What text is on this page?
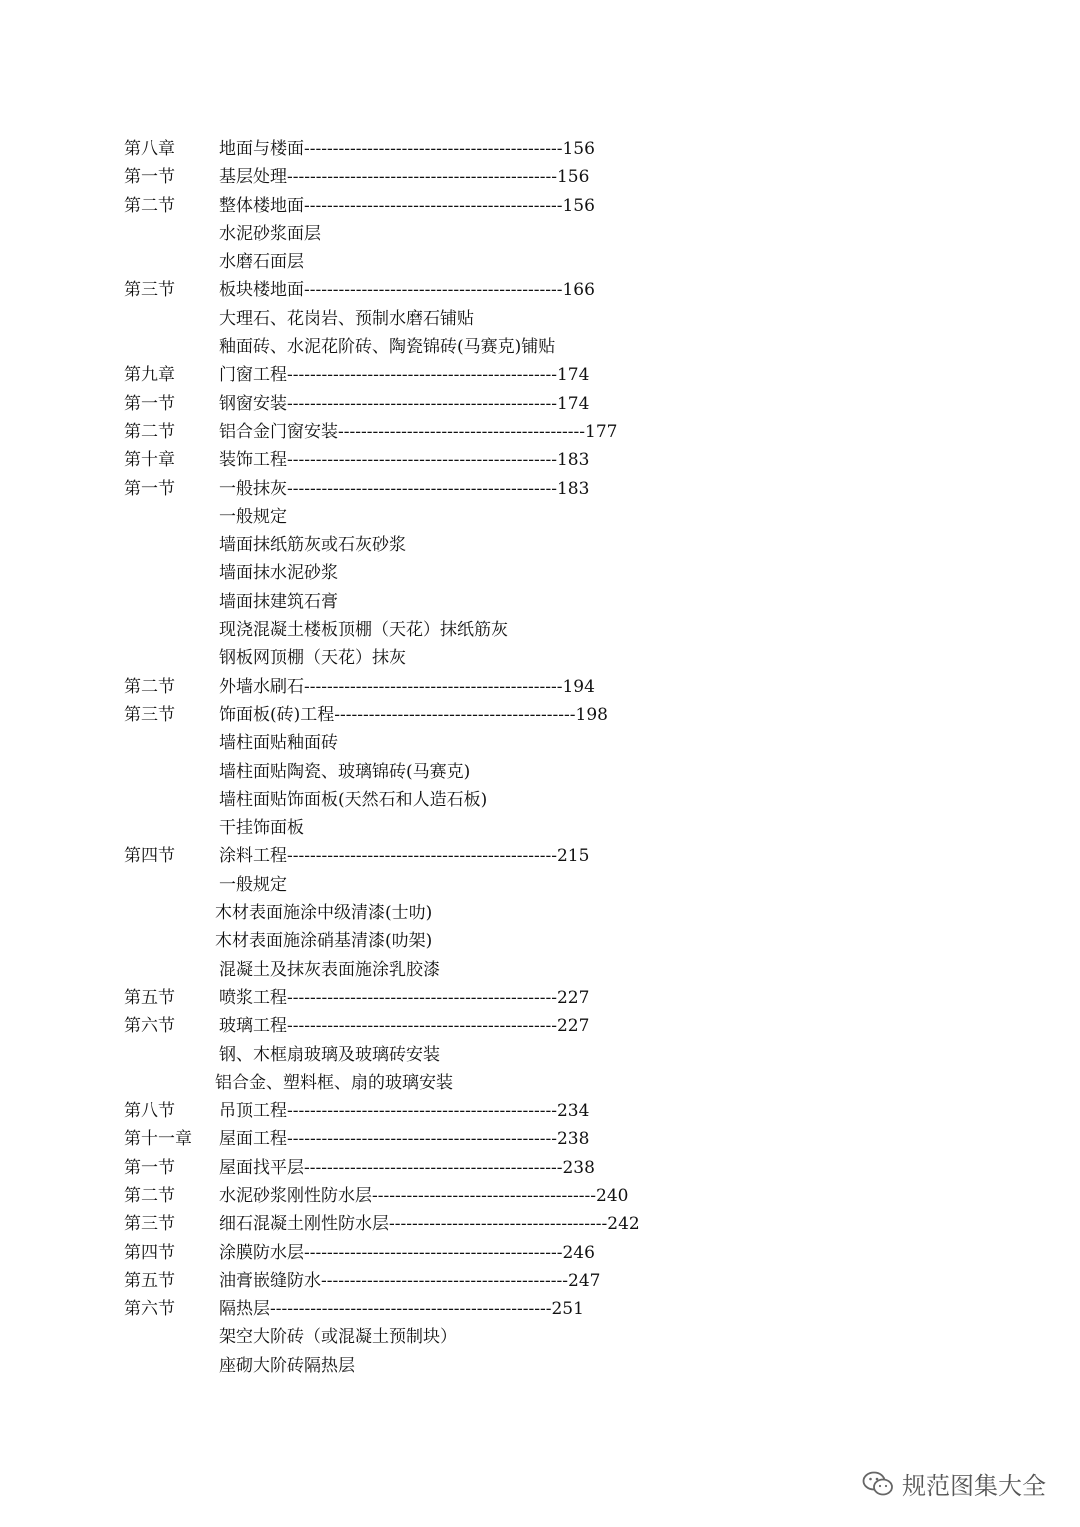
第八章	地面与楼面---------------------------------------------156
第一节	基层处理-----------------------------------------------156
第二节	整体楼地面---------------------------------------------156
水泥砂浆面层
水磨石面层
第三节	板块楼地面---------------------------------------------166
大理石、花岗岩、预制水磨石铺贴
釉面砖、水泥花阶砖、陶瓷锦砖(马赛克)铺贴
第九章	门窗工程-----------------------------------------------174
第一节	钢窗安装-----------------------------------------------174
第二节	铝合金门窗安装-------------------------------------------177
第十章	装饰工程-----------------------------------------------183
第一节	一般抹灰-----------------------------------------------183
一般规定
墙面抹纸筋灰或石灰砂浆
墙面抹水泥砂浆
墙面抹建筑石膏
现浇混凝土楼板顶棚（天花）抹纸筋灰
钢板网顶棚（天花）抹灰
第二节	外墙水刷石---------------------------------------------194
第三节	饰面板(砖)工程------------------------------------------198
墙柱面贴釉面砖
墙柱面贴陶瓷、玻璃锦砖(马赛克)
墙柱面贴饰面板(天然石和人造石板)
干挂饰面板
第四节	涂料工程-----------------------------------------------215
一般规定
木材表面施涂中级清漆(士叻)
木材表面施涂硝基清漆(叻架)
混凝土及抹灰表面施涂乳胶漆
第五节	喷浆工程-----------------------------------------------227
第六节	玻璃工程-----------------------------------------------227
钢、木框扇玻璃及玻璃砖安装
铝合金、塑料框、扇的玻璃安装
第八节	吊顶工程-----------------------------------------------234
第十一章 屋面工程-----------------------------------------------238
第一节	屋面找平层---------------------------------------------238
第二节	水泥砂浆刚性防水层---------------------------------------240
第三节	细石混凝土刚性防水层--------------------------------------242
第四节	涂膜防水层---------------------------------------------246
第五节	油膏嵌缝防水-------------------------------------------247
第六节	隔热层-------------------------------------------------251
架空大阶砖（或混凝土预制块）
座砌大阶砖隔热层
规范图集大全
